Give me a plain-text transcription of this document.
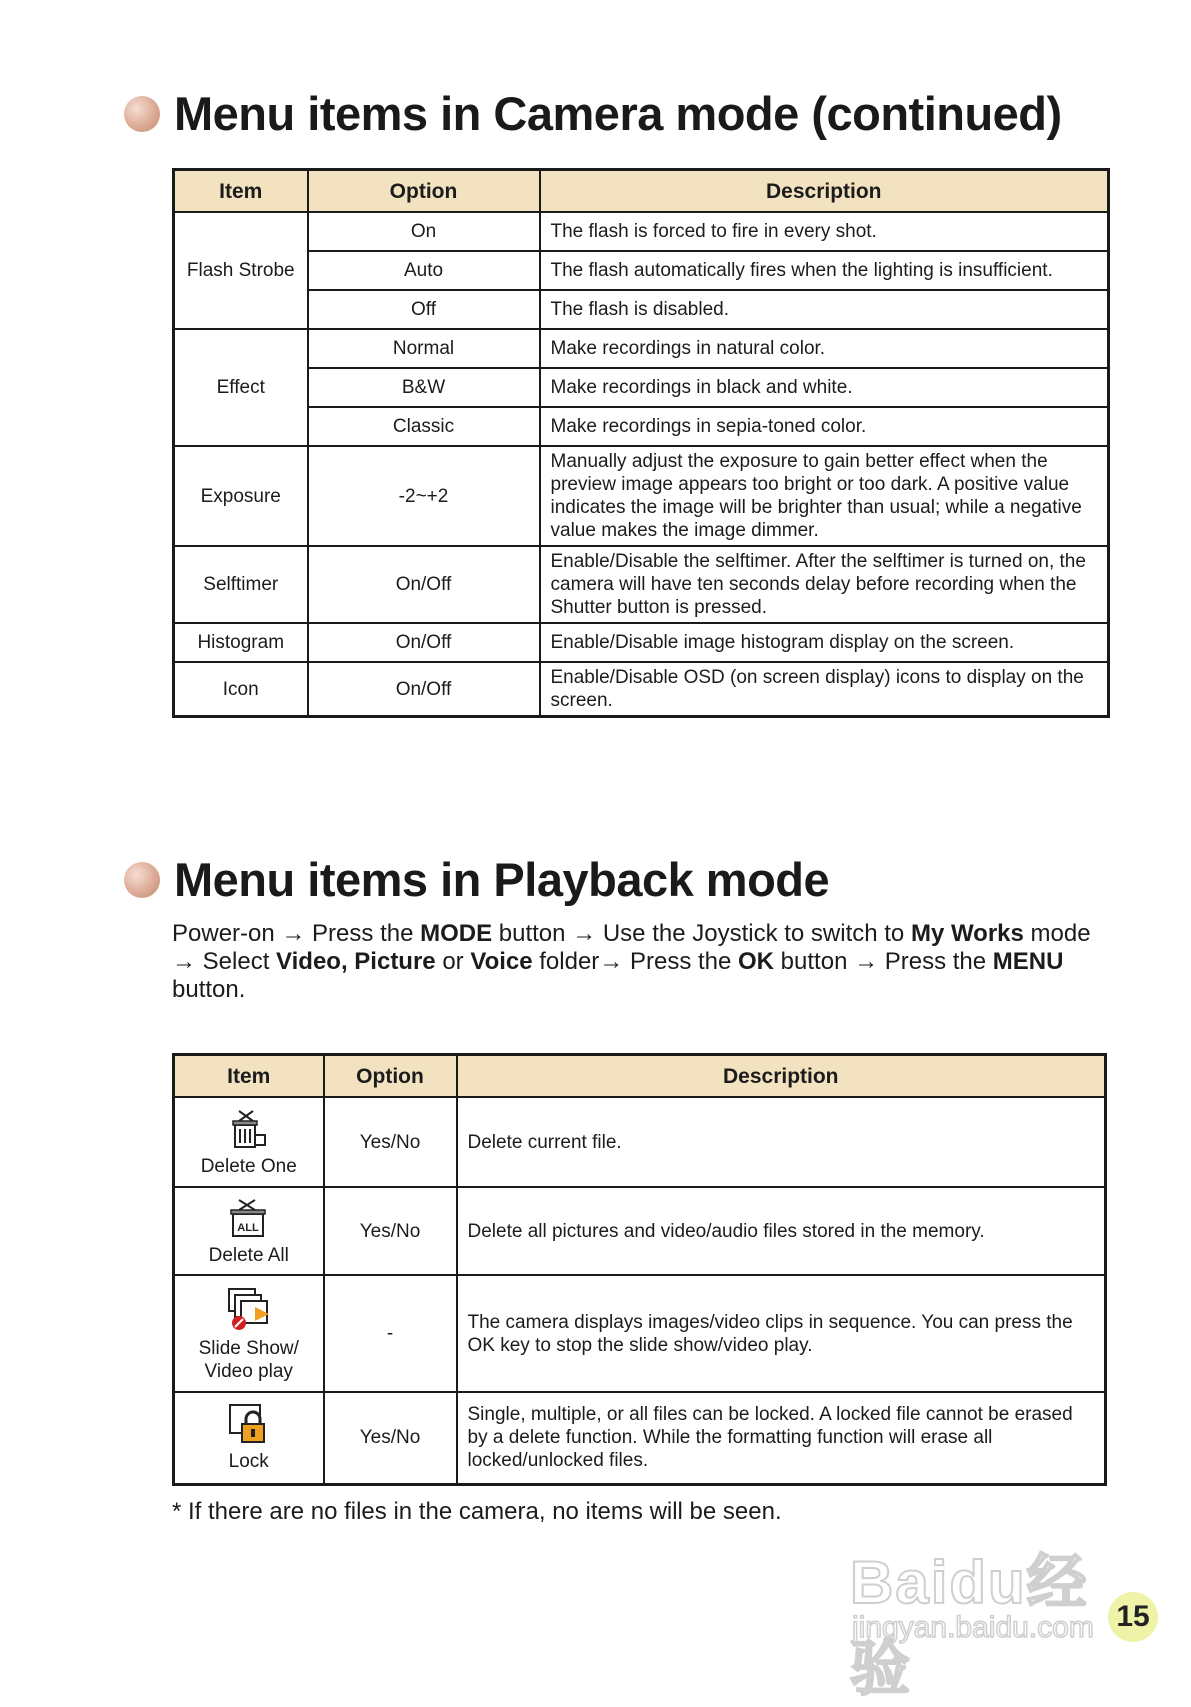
Menu items in Camera mode (continued)
Item	Option	Description
Flash Strobe	On	The flash is forced to fire in every shot.
	Auto	The flash automatically fires when the lighting is insufficient.
	Off	The flash is disabled.
Effect	Normal	Make recordings in natural color.
	B&W	Make recordings in black and white.
	Classic	Make recordings in sepia-toned color.
Exposure	-2~+2	Manually adjust the exposure to gain better effect when the preview image appears too bright or too dark. A positive value indicates the image will be brighter than usual; while a negative value makes the image dimmer.
Selftimer	On/Off	Enable/Disable the selftimer. After the selftimer is turned on, the camera will have ten seconds delay before recording when the Shutter button is pressed.
Histogram	On/Off	Enable/Disable image histogram display on the screen.
Icon	On/Off	Enable/Disable OSD (on screen display) icons to display on the screen.
Menu items in Playback mode
Power-on → Press the MODE button → Use the Joystick to switch to My Works mode → Select Video, Picture or Voice folder→ Press the OK button → Press the MENU button.
Item	Option	Description

Delete One	Yes/No	Delete current file.

ALL
Delete All	Yes/No	Delete all pictures and video/audio files stored in the memory.

Slide Show/ Video play	-	The camera displays images/video clips in sequence. You can press the OK key to stop the slide show/video play.

Lock	Yes/No	Single, multiple, or all files can be locked. A locked file cannot be erased by a delete function. While the formatting function will erase all locked/unlocked files.
* If there are no files in the camera, no items will be seen.
Baidu经验
jingyan.baidu.com 15
